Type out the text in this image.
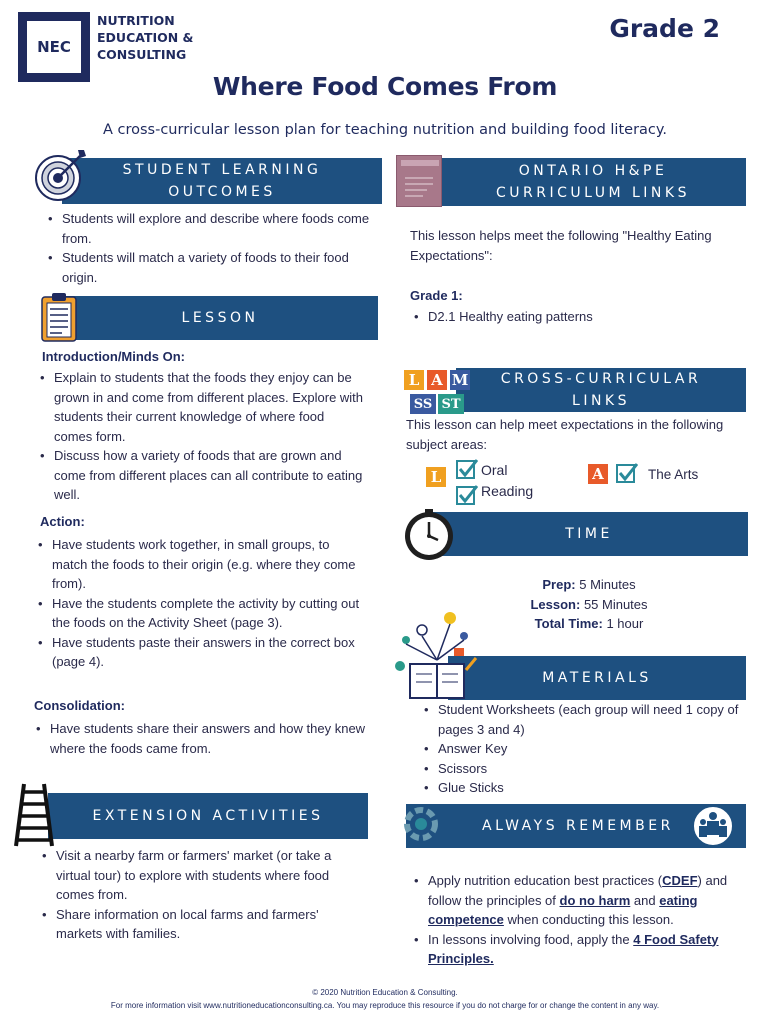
NEC
NUTRITION
EDUCATION &
CONSULTING
Grade 2
Where Food Comes From
A cross-curricular lesson plan for teaching nutrition and building food literacy.
STUDENT LEARNING
OUTCOMES
• Students will explore and describe where foods come from.
• Students will match a variety of foods to their food origin.
LESSON
Introduction/Minds On:
• Explain to students that the foods they enjoy can be grown in and come from different places. Explore with students their current knowledge of where food comes form.
• Discuss how a variety of foods that are grown and come from different places can all contribute to eating well.
Action:
• Have students work together, in small groups, to match the foods to their origin (e.g. where they come from).
• Have the students complete the activity by cutting out the foods on the Activity Sheet (page 3).
• Have students paste their answers in the correct box (page 4).
Consolidation:
• Have students share their answers and how they knew where the foods came from.
EXTENSION ACTIVITIES
• Visit a nearby farm or farmers' market (or take a virtual tour) to explore with students where food comes from.
• Share information on local farms and farmers' markets with families.
ONTARIO H&PE
CURRICULUM LINKS
This lesson helps meet the following "Healthy Eating Expectations":
Grade 1:
• D2.1 Healthy eating patterns
CROSS-CURRICULAR
LINKS
L A M
SS ST
This lesson can help meet expectations in the following subject areas:
L	Oral
Reading
A	The Arts
TIME
Prep: 5 Minutes
Lesson: 55 Minutes
Total Time: 1 hour
MATERIALS
• Student Worksheets (each group will need 1 copy of pages 3 and 4)
• Answer Key
• Scissors
• Glue Sticks
ALWAYS REMEMBER
• Apply nutrition education best practices (CDEF) and follow the principles of do no harm and eating competence when conducting this lesson.
• In lessons involving food, apply the 4 Food Safety Principles.
© 2020 Nutrition Education & Consulting.
For more information visit www.nutritioneducationconsulting.ca. You may reproduce this resource if you do not charge for or change the content in any way.
